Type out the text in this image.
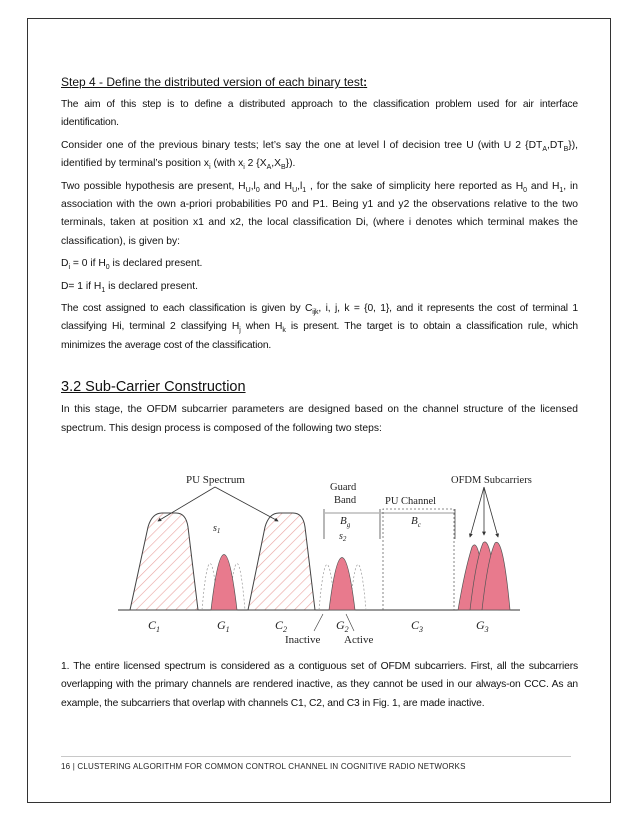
Step 4 - Define the distributed version of each binary test:

The aim of this step is to define a distributed approach to the classification problem used for air interface identification.

Consider one of the previous binary tests; let’s say the one at level l of decision tree U (with U 2 $\{DT_A,DT_B\}$), identified by terminal’s position $x_i$ (with $x_i$ 2 $\{X_A,X_B\}$).

Two possible hypothesis are present, $H_U,l_0$ and $H_U,l_1$ , for the sake of simplicity here reported as $H_0$ and $H_1$, in association with the own a-priori probabilities P0 and P1. Being y1 and y2 the observations relative to the two terminals, taken at position x1 and x2, the local classification Di, (where i denotes which terminal makes the classification), is given by:

$D_i = 0$ if $H_0$ is declared present.

D= 1 if $H_1$ is declared present.

The cost assigned to each classification is given by $C_{ijk}$, i, j, k = {0, 1}, and it represents the cost of terminal 1 classifying Hi, terminal 2 classifying $H_j$ when $H_k$ is present. The target is to obtain a classification rule, which minimizes the average cost of the classification.

3.2 Sub-Carrier Construction

In this stage, the OFDM subcarrier parameters are designed based on the channel structure of the licensed spectrum. This design process is composed of the following two steps:

PU Spectrum
Guard
Band
$B_g$
PU Channel
$B_c$
OFDM Subcarriers
$s_1$	$s_2$
$C_1$	$G_1$	$C_2$	$G_2$	$C_3$	$G_3$
Inactive Active

1. The entire licensed spectrum is considered as a contiguous set of OFDM subcarriers. First, all the subcarriers overlapping with the primary channels are rendered inactive, as they cannot be used in our always-on CCC. As an example, the subcarriers that overlap with channels C1, C2, and C3 in Fig. 1, are made inactive.

16 | CLUSTERING ALGORITHM FOR COMMON CONTROL CHANNEL IN COGNITIVE RADIO NETWORKS
